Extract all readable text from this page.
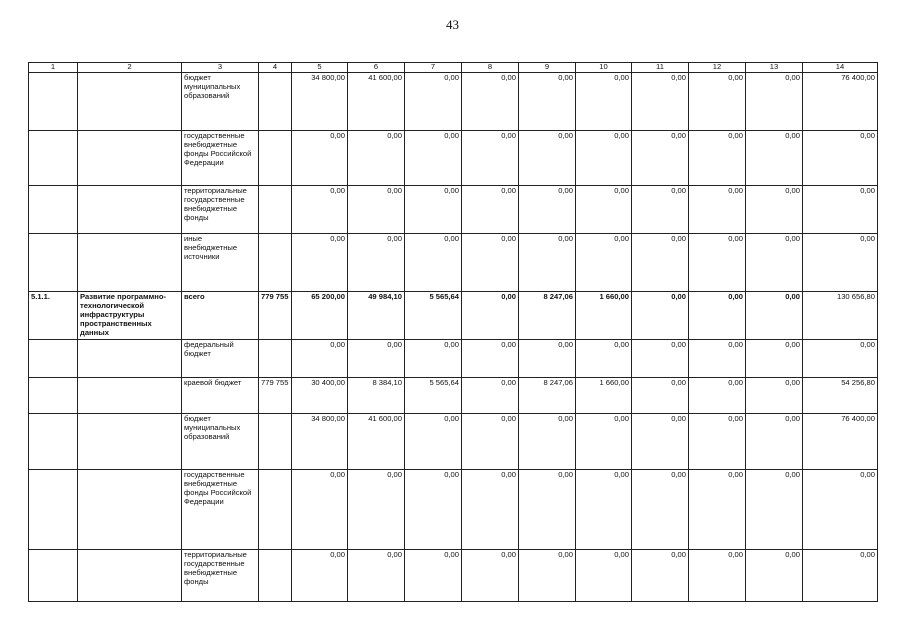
43
1	2	3	4	5	6	7	8	9	10	11	12	13	14
		бюджет муниципальных образований		34 800,00	41 600,00	0,00	0,00	0,00	0,00	0,00	0,00	0,00	76 400,00
		государственные внебюджетные фонды Российской Федерации		0,00	0,00	0,00	0,00	0,00	0,00	0,00	0,00	0,00	0,00
		территориальные государственные внебюджетные фонды		0,00	0,00	0,00	0,00	0,00	0,00	0,00	0,00	0,00	0,00
		иные внебюджетные источники		0,00	0,00	0,00	0,00	0,00	0,00	0,00	0,00	0,00	0,00
5.1.1.	Развитие программно-технологической инфраструктуры пространственных данных	всего	779 755	65 200,00	49 984,10	5 565,64	0,00	8 247,06	1 660,00	0,00	0,00	0,00	130 656,80
		федеральный бюджет		0,00	0,00	0,00	0,00	0,00	0,00	0,00	0,00	0,00	0,00
		краевой бюджет	779 755	30 400,00	8 384,10	5 565,64	0,00	8 247,06	1 660,00	0,00	0,00	0,00	54 256,80
		бюджет муниципальных образований		34 800,00	41 600,00	0,00	0,00	0,00	0,00	0,00	0,00	0,00	76 400,00
		государственные внебюджетные фонды Российской Федерации		0,00	0,00	0,00	0,00	0,00	0,00	0,00	0,00	0,00	0,00
		территориальные государственные внебюджетные фонды		0,00	0,00	0,00	0,00	0,00	0,00	0,00	0,00	0,00	0,00
